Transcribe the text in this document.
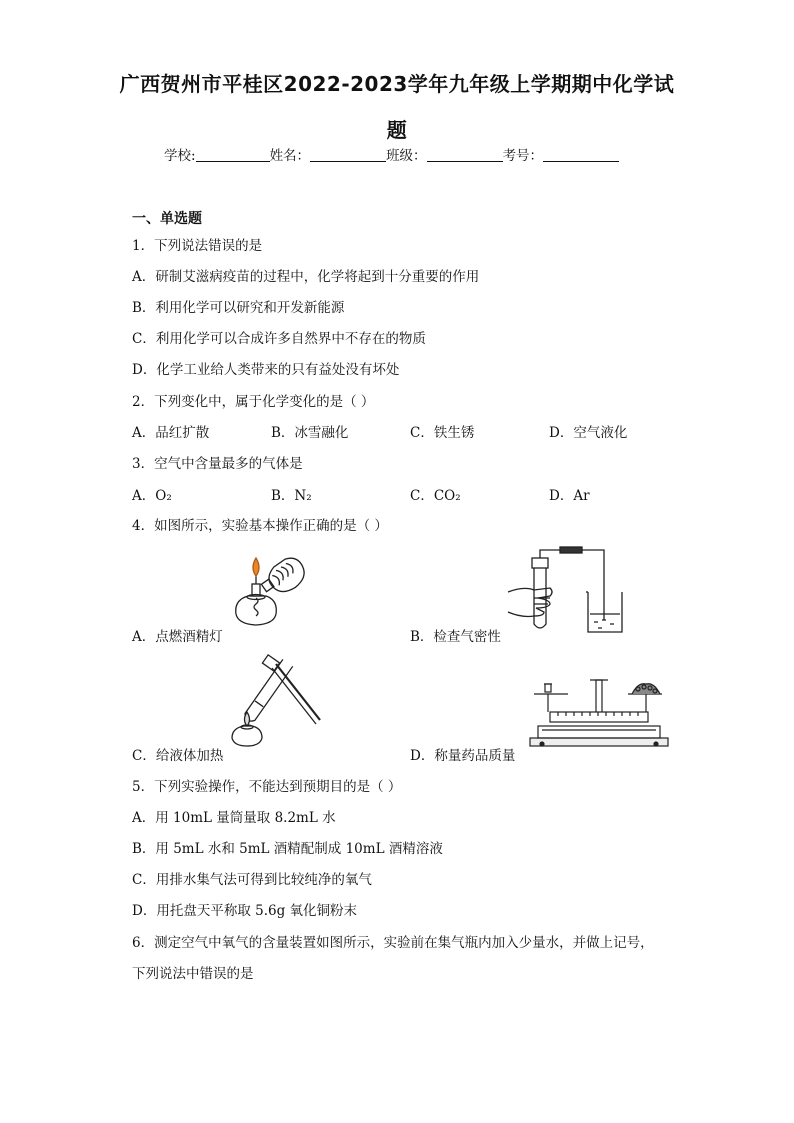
广西贺州市平桂区2022-2023学年九年级上学期期中化学试
题
学校:	姓名：	班级：	考号：
一、单选题
1．下列说法错误的是
A．研制艾滋病疫苗的过程中，化学将起到十分重要的作用
B．利用化学可以研究和开发新能源
C．利用化学可以合成许多自然界中不存在的物质
D．化学工业给人类带来的只有益处没有坏处
2．下列变化中，属于化学变化的是（ ）
A．品红扩散	B．冰雪融化	C．铁生锈	D．空气液化
3．空气中含量最多的气体是
A．O₂	B．N₂	C．CO₂	D．Ar
4．如图所示，实验基本操作正确的是（ ）
A．点燃酒精灯	B．检查气密性
C．给液体加热	D．称量药品质量
5．下列实验操作，不能达到预期目的是（ ）
A．用 10mL 量筒量取 8.2mL 水
B．用 5mL 水和 5mL 酒精配制成 10mL 酒精溶液
C．用排水集气法可得到比较纯净的氧气
D．用托盘天平称取 5.6g 氧化铜粉末
6．测定空气中氧气的含量装置如图所示，实验前在集气瓶内加入少量水，并做上记号，
下列说法中错误的是
